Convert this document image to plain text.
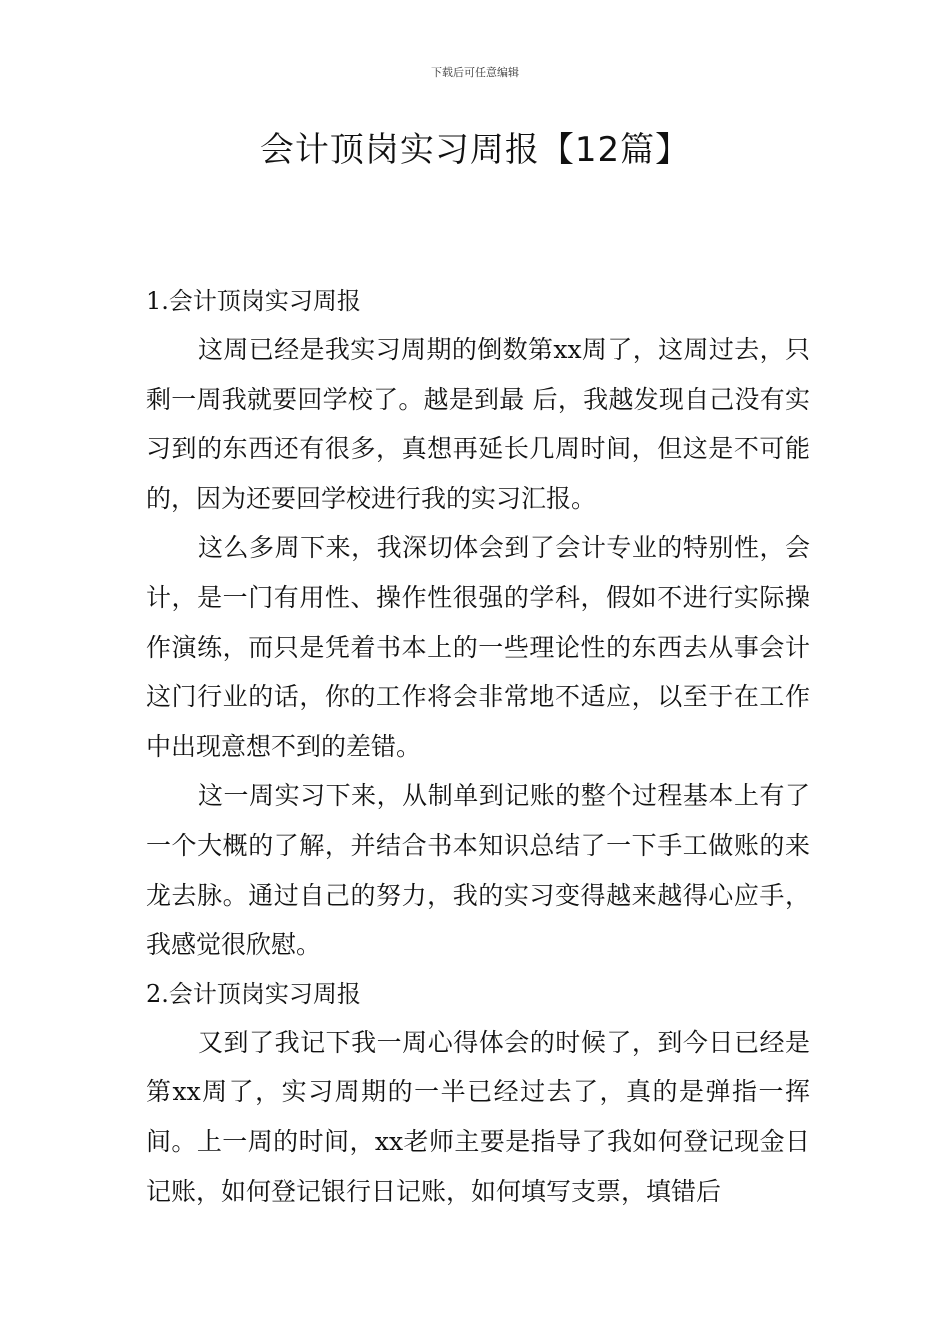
下载后可任意编辑
会计顶岗实习周报【12篇】

1.会计顶岗实习周报

这周已经是我实习周期的倒数第xx周了，这周过去，只剩一周我就要回学校了。越是到最 后，我越发现自己没有实习到的东西还有很多，真想再延长几周时间，但这是不可能的，因为还要回学校进行我的实习汇报。

这么多周下来，我深切体会到了会计专业的特别性，会计，是一门有用性、操作性很强的学科，假如不进行实际操作演练，而只是凭着书本上的一些理论性的东西去从事会计这门行业的话，你的工作将会非常地不适应，以至于在工作中出现意想不到的差错。

这一周实习下来，从制单到记账的整个过程基本上有了一个大概的了解，并结合书本知识总结了一下手工做账的来龙去脉。通过自己的努力，我的实习变得越来越得心应手，我感觉很欣慰。

2.会计顶岗实习周报

又到了我记下我一周心得体会的时候了，到今日已经是第xx周了，实习周期的一半已经过去了，真的是弹指一挥间。上一周的时间，xx老师主要是指导了我如何登记现金日记账，如何登记银行日记账，如何填写支票，填错后
